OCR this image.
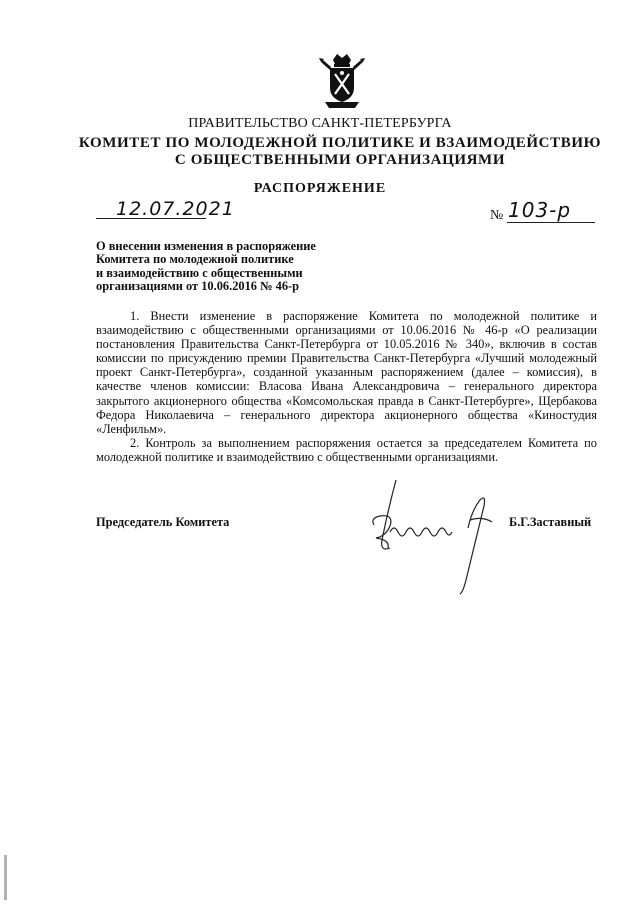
ПРАВИТЕЛЬСТВО САНКТ-ПЕТЕРБУРГА
КОМИТЕТ ПО МОЛОДЕЖНОЙ ПОЛИТИКЕ И ВЗАИМОДЕЙСТВИЮ
С ОБЩЕСТВЕННЫМИ ОРГАНИЗАЦИЯМИ
РАСПОРЯЖЕНИЕ
12.07.2021	№ 103-р
О внесении изменения в распоряжение
Комитета по молодежной политике
и взаимодействию с общественными
организациями от 10.06.2016 № 46-р

1. Внести изменение в распоряжение Комитета по молодежной политике и взаимодействию с общественными организациями от 10.06.2016 № 46-р «О реализации постановления Правительства Санкт-Петербурга от 10.05.2016 № 340», включив в состав комиссии по присуждению премии Правительства Санкт-Петербурга «Лучший молодежный проект Санкт-Петербурга», созданной указанным распоряжением (далее – комиссия), в качестве членов комиссии: Власова Ивана Александровича – генерального директора закрытого акционерного общества «Комсомольская правда в Санкт-Петербурге», Щербакова Федора Николаевича – генерального директора акционерного общества «Киностудия «Ленфильм».

2. Контроль за выполнением распоряжения остается за председателем Комитета по молодежной политике и взаимодействию с общественными организациями.

Председатель Комитета	Б.Г.Заставный
